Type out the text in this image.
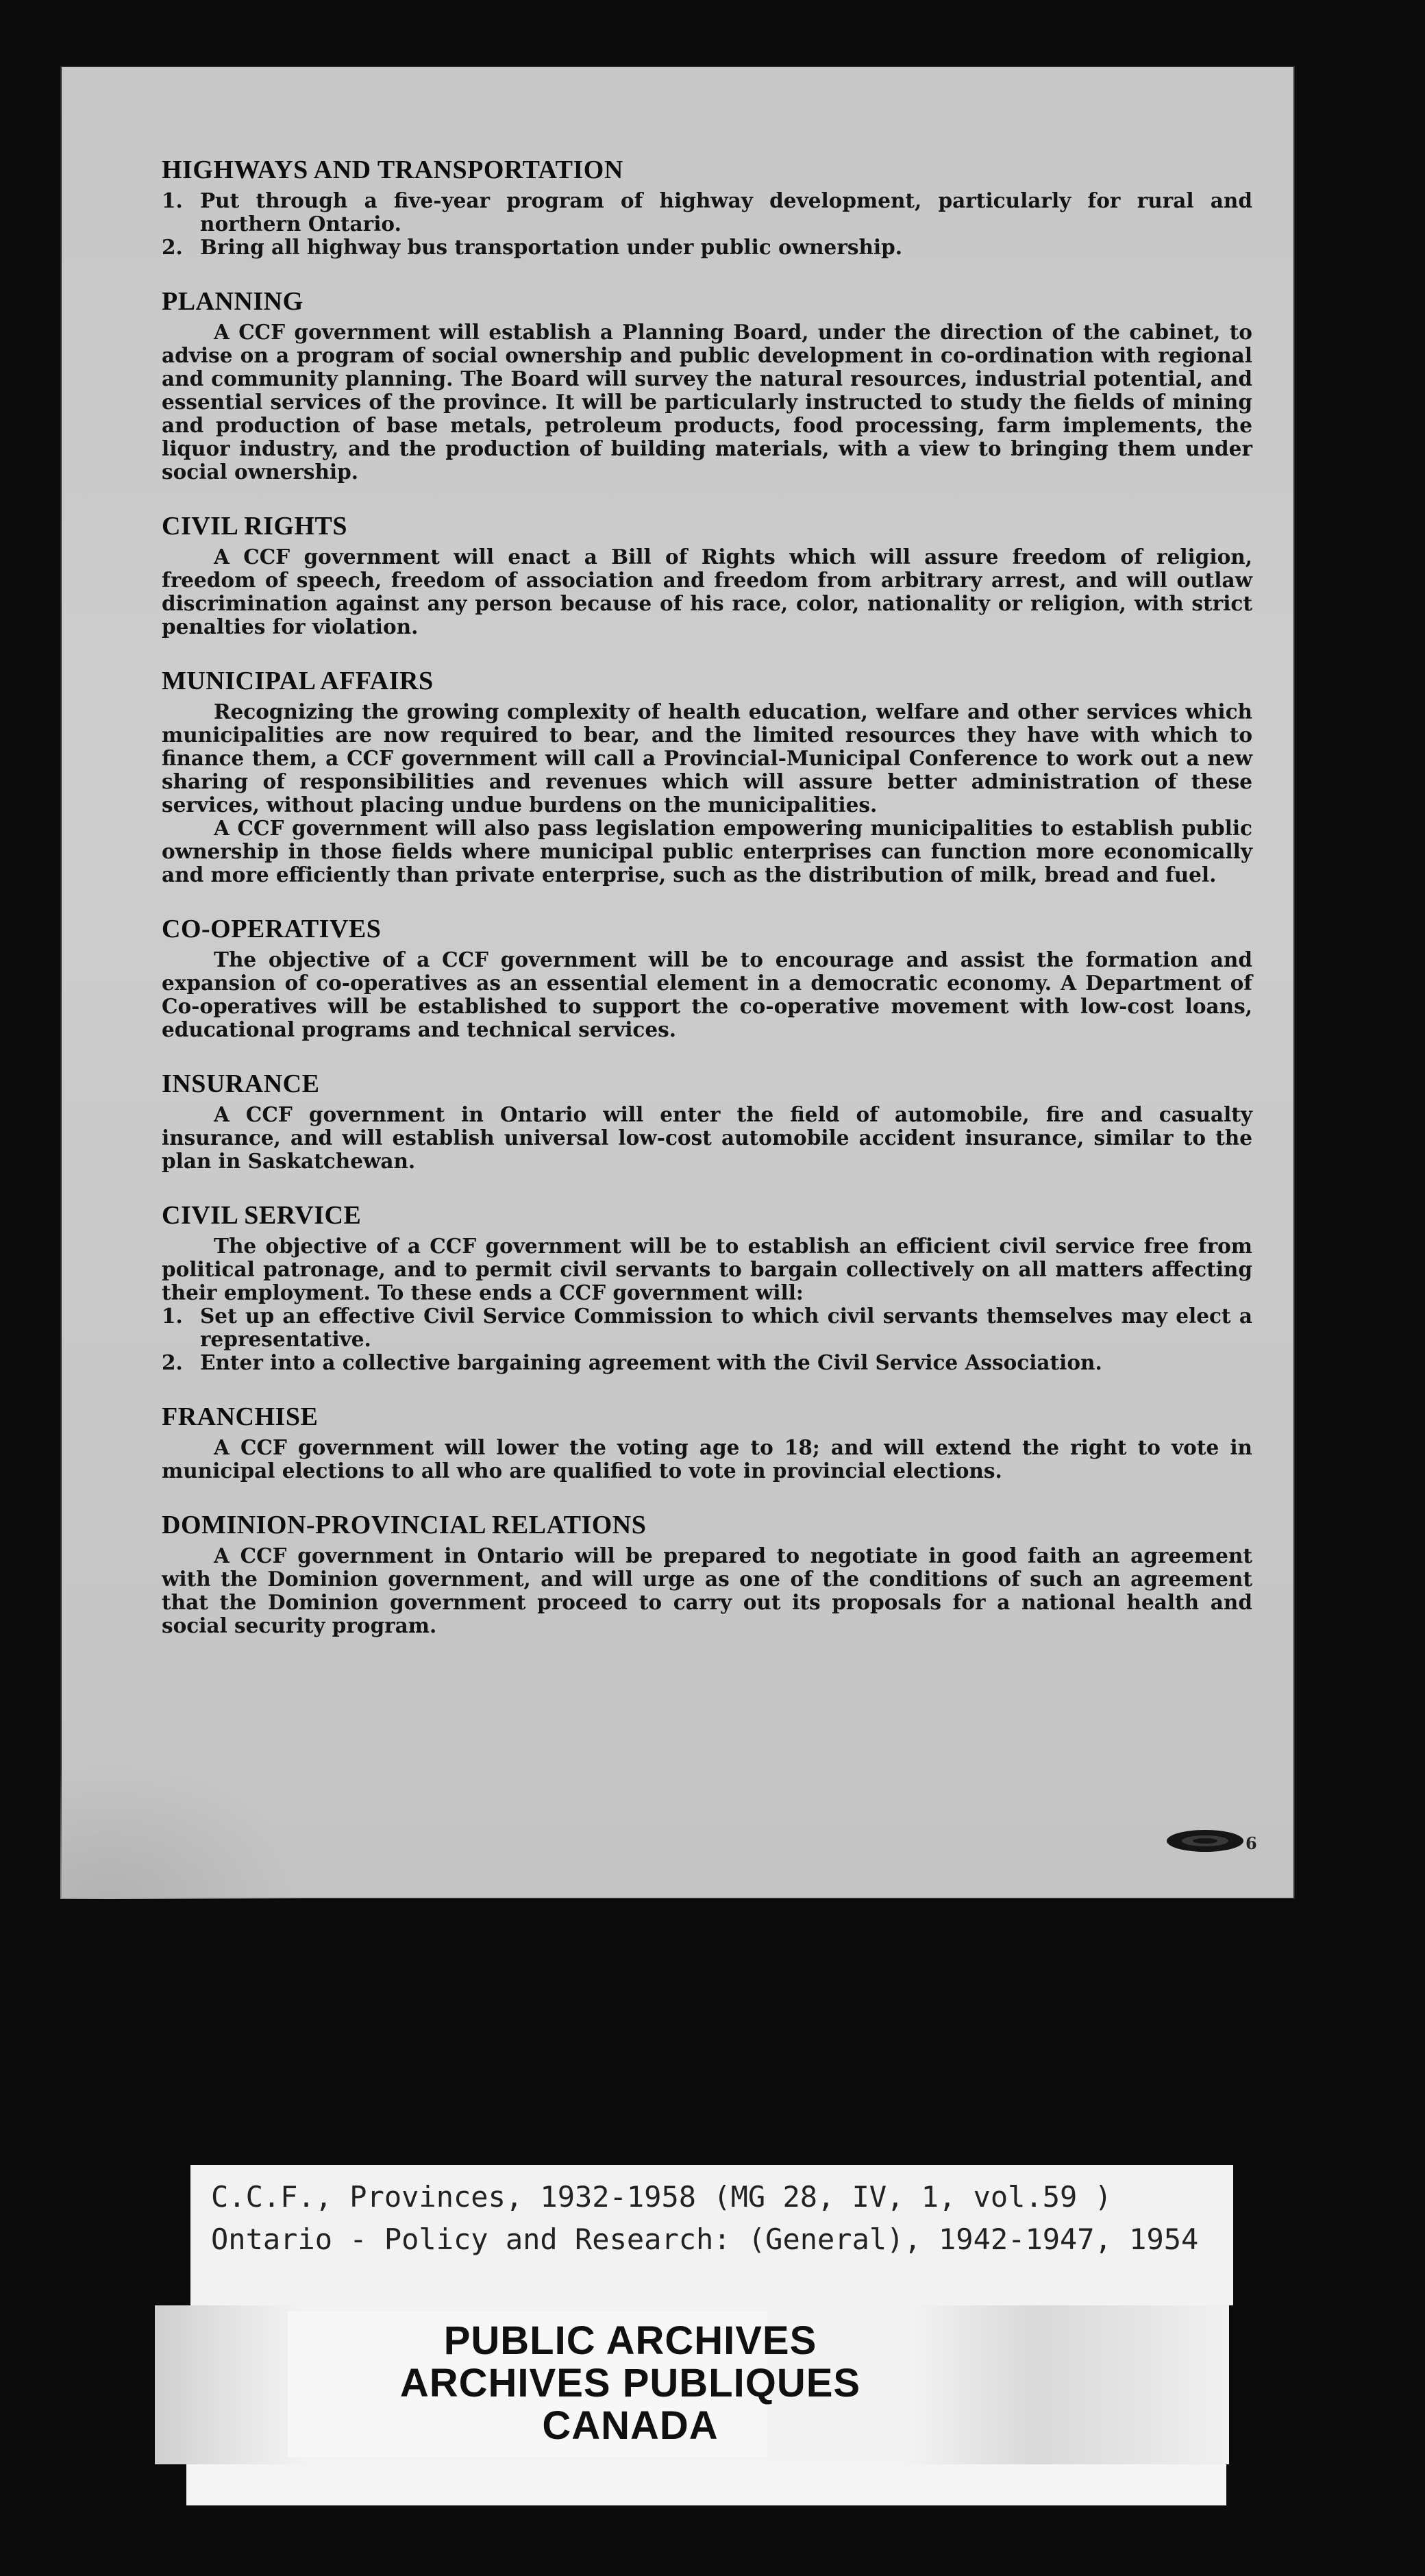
HIGHWAYS AND TRANSPORTATION
1. Put through a five-year program of highway development, particularly for rural and northern Ontario.
2. Bring all highway bus transportation under public ownership.
PLANNING

A CCF government will establish a Planning Board, under the direction of the cabinet, to advise on a program of social ownership and public development in co-ordination with regional and community planning. The Board will survey the natural resources, industrial potential, and essential services of the province. It will be particularly instructed to study the fields of mining and production of base metals, petroleum products, food processing, farm implements, the liquor industry, and the production of building materials, with a view to bringing them under social ownership.

CIVIL RIGHTS

A CCF government will enact a Bill of Rights which will assure freedom of religion, freedom of speech, freedom of association and freedom from arbitrary arrest, and will outlaw discrimination against any person because of his race, color, nationality or religion, with strict penalties for violation.

MUNICIPAL AFFAIRS

Recognizing the growing complexity of health education, welfare and other services which municipalities are now required to bear, and the limited resources they have with which to finance them, a CCF government will call a Provincial-Municipal Conference to work out a new sharing of responsibilities and revenues which will assure better administration of these services, without placing undue burdens on the municipalities.

A CCF government will also pass legislation empowering municipalities to establish public ownership in those fields where municipal public enterprises can function more economically and more efficiently than private enterprise, such as the distribution of milk, bread and fuel.

CO-OPERATIVES

The objective of a CCF government will be to encourage and assist the formation and expansion of co-operatives as an essential element in a democratic economy. A Department of Co-operatives will be established to support the co-operative movement with low-cost loans, educational programs and technical services.

INSURANCE

A CCF government in Ontario will enter the field of automobile, fire and casualty insurance, and will establish universal low-cost automobile accident insurance, similar to the plan in Saskatchewan.

CIVIL SERVICE

The objective of a CCF government will be to establish an efficient civil service free from political patronage, and to permit civil servants to bargain collectively on all matters affecting their employment. To these ends a CCF government will:

1. Set up an effective Civil Service Commission to which civil servants themselves may elect a representative.
2. Enter into a collective bargaining agreement with the Civil Service Association.
FRANCHISE

A CCF government will lower the voting age to 18; and will extend the right to vote in municipal elections to all who are qualified to vote in provincial elections.

DOMINION-PROVINCIAL RELATIONS

A CCF government in Ontario will be prepared to negotiate in good faith an agreement with the Dominion government, and will urge as one of the conditions of such an agreement that the Dominion government proceed to carry out its proposals for a national health and social security program.

6
C.C.F., Provinces, 1932-1958 (MG 28, IV, 1, vol.59 )
Ontario - Policy and Research: (General), 1942-1947, 1954
PUBLIC ARCHIVES
ARCHIVES PUBLIQUES
CANADA
